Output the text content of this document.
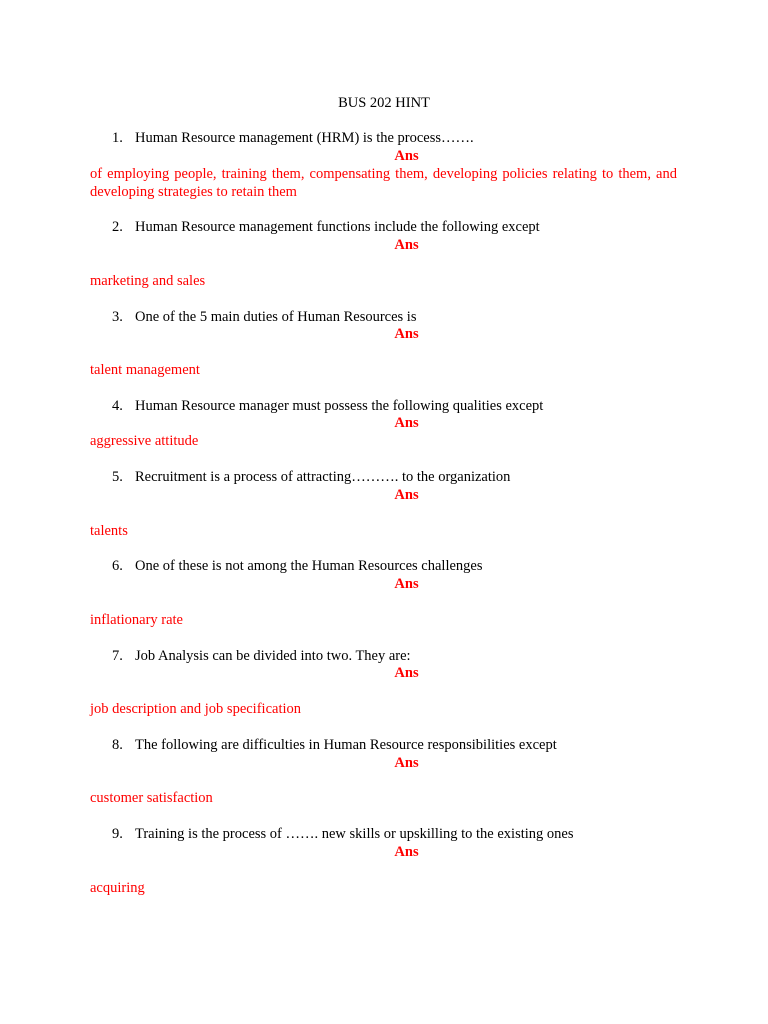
BUS 202 HINT
1. Human Resource management (HRM) is the process…….
Ans
of employing people, training them, compensating them, developing policies relating to them, and developing strategies to retain them
2. Human Resource management functions include the following except
Ans
marketing and sales
3. One of the 5 main duties of Human Resources is
Ans
talent management
4. Human Resource manager must possess the following qualities except
Ans
aggressive attitude
5. Recruitment is a process of attracting………. to the organization
Ans
talents
6. One of these is not among the Human Resources challenges
Ans
inflationary rate
7. Job Analysis can be divided into two. They are:
Ans
job description and job specification
8. The following are difficulties in Human Resource responsibilities except
Ans
customer satisfaction
9. Training is the process of ……. new skills or upskilling to the existing ones
Ans
acquiring
